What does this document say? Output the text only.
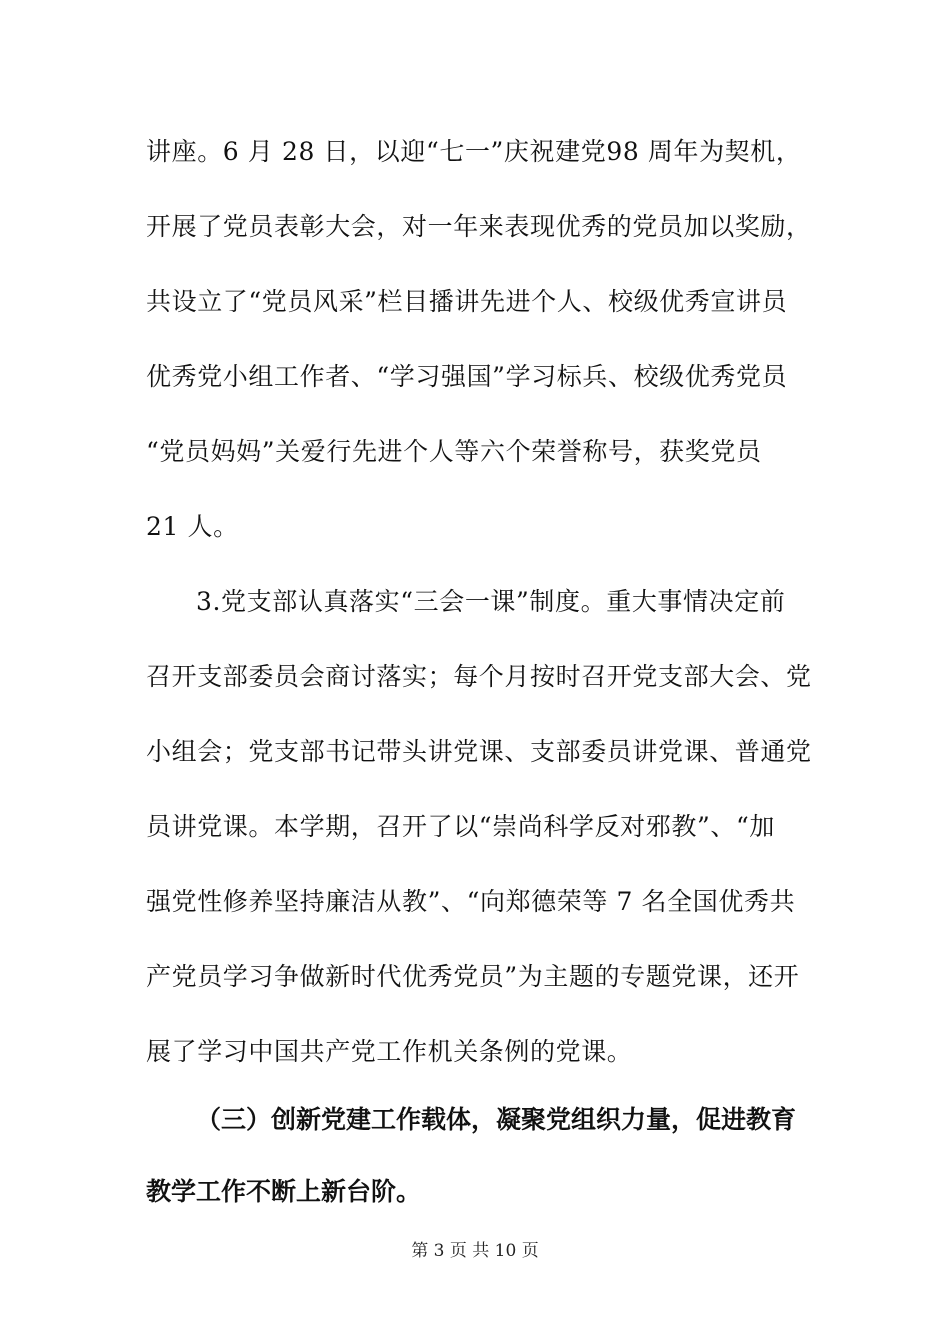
讲座。6 月 28 日，以迎“七一”庆祝建党98 周年为契机，
开展了党员表彰大会，对一年来表现优秀的党员加以奖励，
共设立了“党员风采”栏目播讲先进个人、校级优秀宣讲员
优秀党小组工作者、“学习强国”学习标兵、校级优秀党员
“党员妈妈”关爱行先进个人等六个荣誉称号，获奖党员
21 人。
3.党支部认真落实“三会一课”制度。重大事情决定前
召开支部委员会商讨落实；每个月按时召开党支部大会、党
小组会；党支部书记带头讲党课、支部委员讲党课、普通党
员讲党课。本学期，召开了以“崇尚科学反对邪教”、“加
强党性修养坚持廉洁从教”、“向郑德荣等 7 名全国优秀共
产党员学习争做新时代优秀党员”为主题的专题党课，还开
展了学习中国共产党工作机关条例的党课。
（三）创新党建工作载体，凝聚党组织力量，促进教育
教学工作不断上新台阶。
第 3 页 共 10 页
